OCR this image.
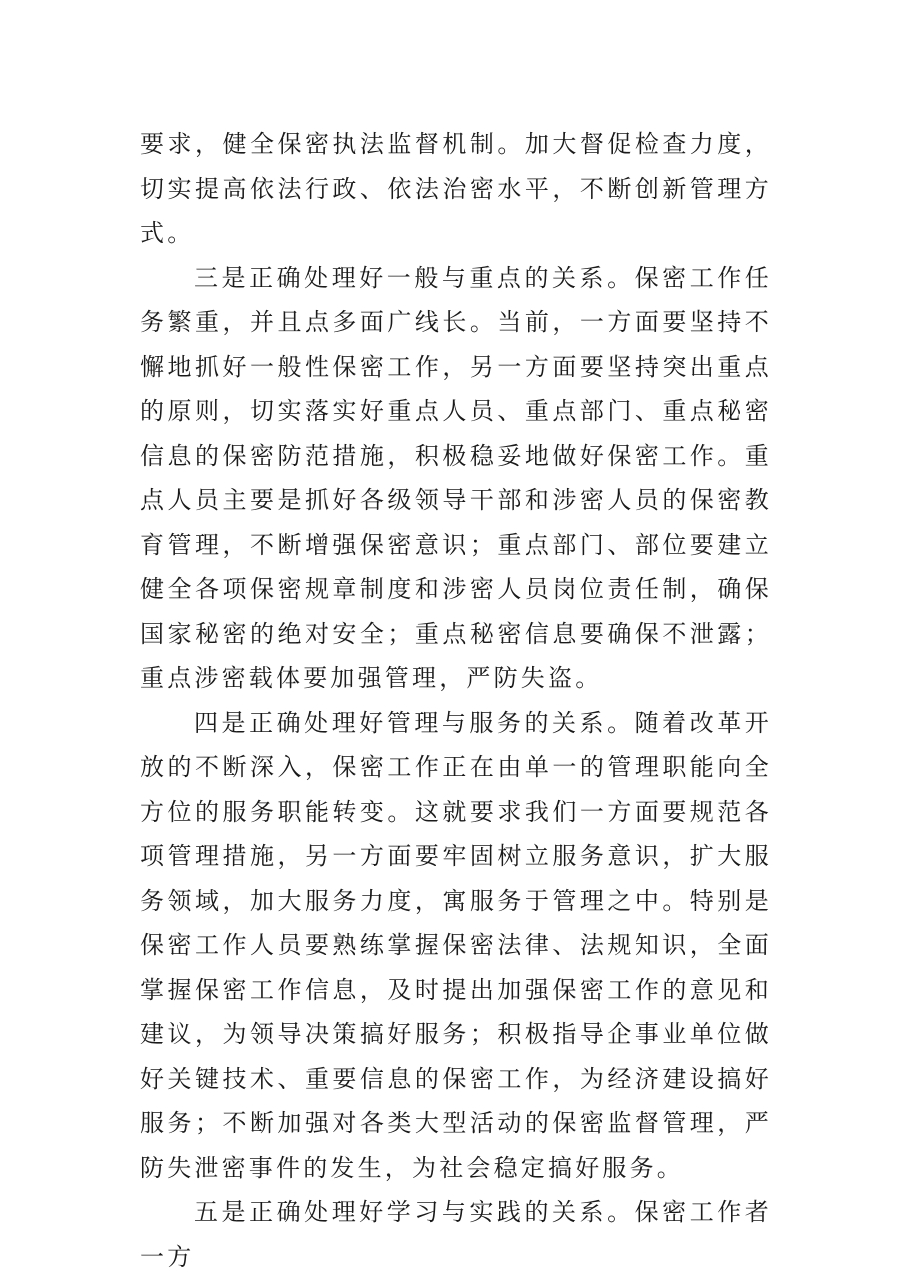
要求，健全保密执法监督机制。加大督促检查力度，切实提高依法行政、依法治密水平，不断创新管理方式。

三是正确处理好一般与重点的关系。保密工作任务繁重，并且点多面广线长。当前，一方面要坚持不懈地抓好一般性保密工作，另一方面要坚持突出重点的原则，切实落实好重点人员、重点部门、重点秘密信息的保密防范措施，积极稳妥地做好保密工作。重点人员主要是抓好各级领导干部和涉密人员的保密教育管理，不断增强保密意识；重点部门、部位要建立健全各项保密规章制度和涉密人员岗位责任制，确保国家秘密的绝对安全；重点秘密信息要确保不泄露；重点涉密载体要加强管理，严防失盗。

四是正确处理好管理与服务的关系。随着改革开放的不断深入，保密工作正在由单一的管理职能向全方位的服务职能转变。这就要求我们一方面要规范各项管理措施，另一方面要牢固树立服务意识，扩大服务领域，加大服务力度，寓服务于管理之中。特别是保密工作人员要熟练掌握保密法律、法规知识，全面掌握保密工作信息，及时提出加强保密工作的意见和建议，为领导决策搞好服务；积极指导企事业单位做好关键技术、重要信息的保密工作，为经济建设搞好服务；不断加强对各类大型活动的保密监督管理，严防失泄密事件的发生，为社会稳定搞好服务。

五是正确处理好学习与实践的关系。保密工作者一方
